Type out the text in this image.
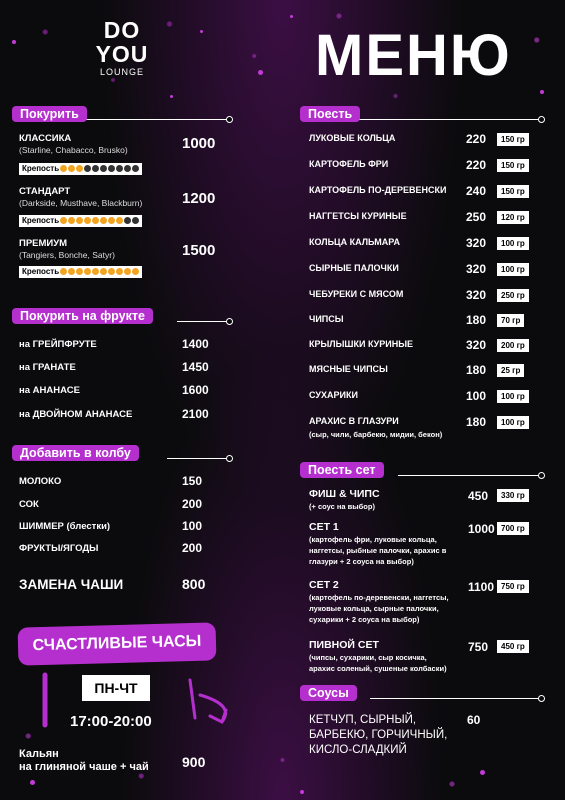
DO
YOU
LOUNGE	МЕНЮ
Покурить
КЛАССИКА
(Starline, Chabacco, Brusko)	1000
Крепость
СТАНДАРТ
(Darkside, Musthave, Blackburn)	1200
Крепость
ПРЕМИУМ
(Tangiers, Bonche, Satyr)	1500
Крепость
Покурить на фрукте
на ГРЕЙПФРУТЕ	1400
на ГРАНАТЕ	1450
на АНАНАСЕ	1600
на ДВОЙНОМ АНАНАСЕ	2100
Добавить в колбу
МОЛОКО	150
СОК	200
ШИММЕР (блестки)	100
ФРУКТЫ/ЯГОДЫ	200
ЗАМЕНА ЧАШИ	800
СЧАСТЛИВЫЕ ЧАСЫ
ПН-ЧТ
17:00-20:00
Кальян
на глиняной чаше + чай 900
Поесть
ЛУКОВЫЕ КОЛЬЦА	220	150 гр
КАРТОФЕЛЬ ФРИ	220	150 гр
КАРТОФЕЛЬ ПО-ДЕРЕВЕНСКИ 240	150 гр
НАГГЕТСЫ КУРИНЫЕ	250	120 гр
КОЛЬЦА КАЛЬМАРА	320	100 гр
СЫРНЫЕ ПАЛОЧКИ	320	100 гр
ЧЕБУРЕКИ С МЯСОМ	320	250 гр
ЧИПСЫ	180	70 гр
КРЫЛЫШКИ КУРИНЫЕ	320	200 гр
МЯСНЫЕ ЧИПСЫ	180	25 гр
СУХАРИКИ	100	100 гр
АРАХИС В ГЛАЗУРИ	180	100 гр
(сыр, чили, барбекю, мидии, бекон)
Поесть сет
ФИШ & ЧИПС
(+ соус на выбор)
450	330 гр
СЕТ 1
(картофель фри, луковые кольца,
наггетсы, рыбные палочки, арахис в
глазури + 2 соуса на выбор)
1000 700 гр
СЕТ 2
(картофель по-деревенски, наггетсы,
луковые кольца, сырные палочки,
сухарики + 2 соуса на выбор)
1100 750 гр
ПИВНОЙ СЕТ
(чипсы, сухарики, сыр косичка,
арахис соленый, сушеные колбаски)
750	450 гр
Соусы
КЕТЧУП, СЫРНЫЙ,
БАРБЕКЮ, ГОРЧИЧНЫЙ,
КИСЛО-СЛАДКИЙ
60
